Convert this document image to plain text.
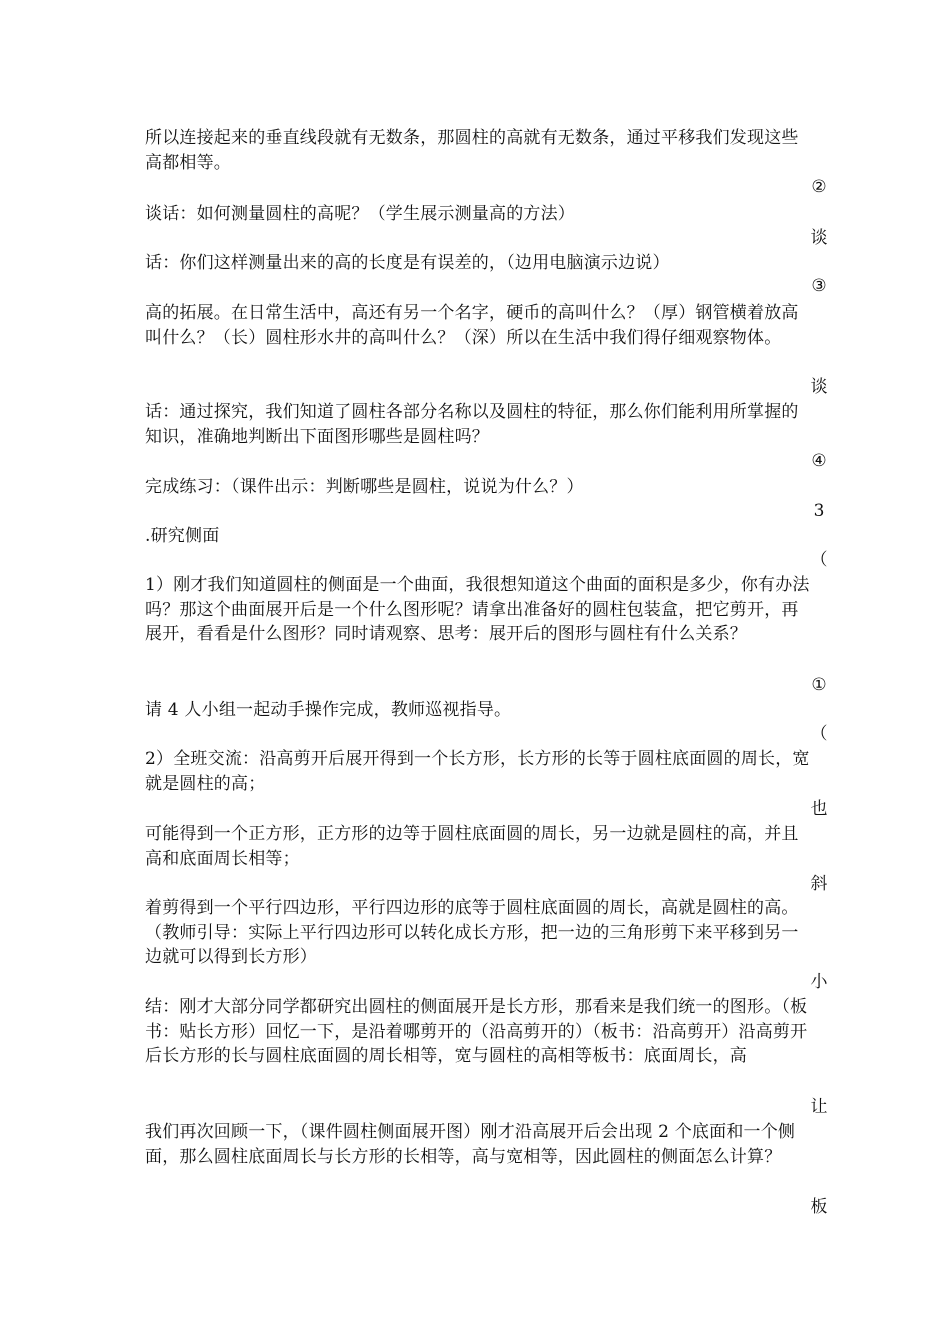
所以连接起来的垂直线段就有无数条，那圆柱的高就有无数条，通过平移我们发现这些高都相等。

②

谈话：如何测量圆柱的高呢？（学生展示测量高的方法）

谈

话：你们这样测量出来的高的长度是有误差的，（边用电脑演示边说）

③

高的拓展。在日常生活中，高还有另一个名字，硬币的高叫什么？（厚）钢管横着放高叫什么？（长）圆柱形水井的高叫什么？（深）所以在生活中我们得仔细观察物体。

谈

话：通过探究，我们知道了圆柱各部分名称以及圆柱的特征，那么你们能利用所掌握的知识，准确地判断出下面图形哪些是圆柱吗？

④

完成练习：（课件出示：判断哪些是圆柱，说说为什么？）

3

.研究侧面

（

1）刚才我们知道圆柱的侧面是一个曲面，我很想知道这个曲面的面积是多少，你有办法吗？那这个曲面展开后是一个什么图形呢？请拿出准备好的圆柱包装盒，把它剪开，再展开，看看是什么图形？同时请观察、思考：展开后的图形与圆柱有什么关系？

①

请 4 人小组一起动手操作完成，教师巡视指导。

（

2）全班交流：沿高剪开后展开得到一个长方形，长方形的长等于圆柱底面圆的周长，宽就是圆柱的高；

也

可能得到一个正方形，正方形的边等于圆柱底面圆的周长，另一边就是圆柱的高，并且高和底面周长相等；

斜

着剪得到一个平行四边形，平行四边形的底等于圆柱底面圆的周长，高就是圆柱的高。（教师引导：实际上平行四边形可以转化成长方形，把一边的三角形剪下来平移到另一边就可以得到长方形）

小

结：刚才大部分同学都研究出圆柱的侧面展开是长方形，那看来是我们统一的图形。（板书：贴长方形）回忆一下，是沿着哪剪开的（沿高剪开的）（板书：沿高剪开）沿高剪开后长方形的长与圆柱底面圆的周长相等，宽与圆柱的高相等板书：底面周长，高

让

我们再次回顾一下，（课件圆柱侧面展开图）刚才沿高展开后会出现 2 个底面和一个侧面，那么圆柱底面周长与长方形的长相等，高与宽相等，因此圆柱的侧面怎么计算？

板
